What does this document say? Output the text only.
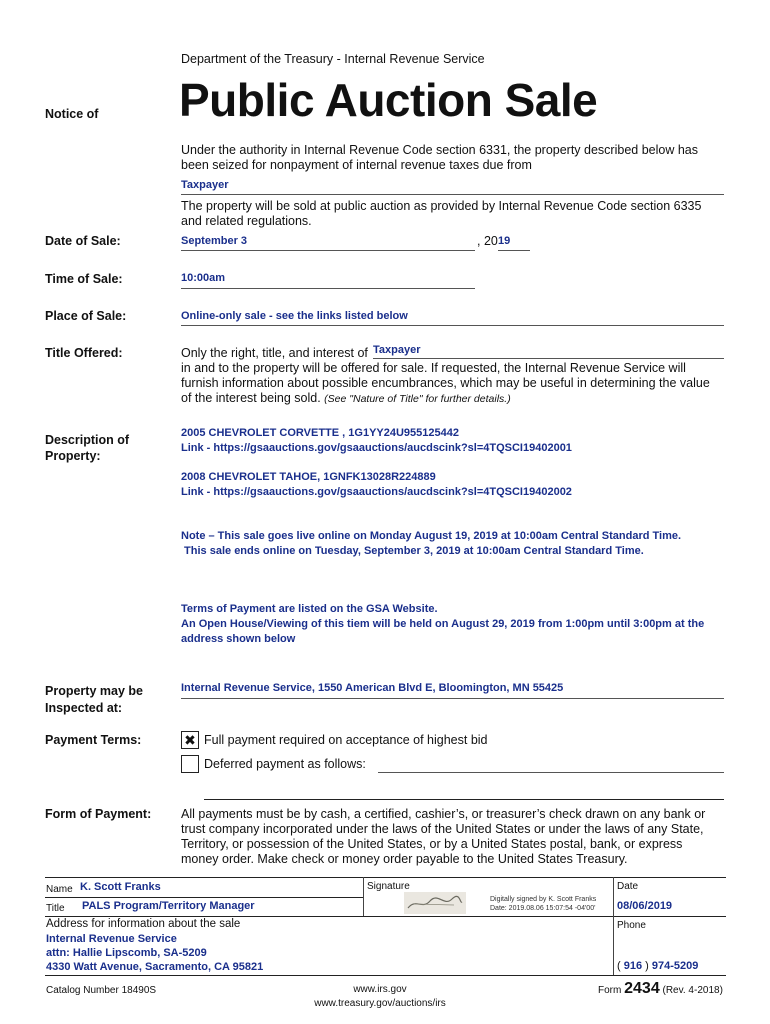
Department of the Treasury - Internal Revenue Service
Notice of Public Auction Sale
Under the authority in Internal Revenue Code section 6331, the property described below has
been seized for nonpayment of internal revenue taxes due from
Taxpayer
The property will be sold at public auction as provided by Internal Revenue Code section 6335
and related regulations.
Date of Sale:	September 3	, 20 19
Time of Sale:	10:00am
Place of Sale:	Online-only sale - see the links listed below
Title Offered:	Only the right, title, and interest of Taxpayer
in and to the property will be offered for sale. If requested, the Internal Revenue Service will
furnish information about possible encumbrances, which may be useful in determining the value
of the interest being sold. (See "Nature of Title" for further details.)
Description of
Property:
2005 CHEVROLET CORVETTE , 1G1YY24U955125442
Link - https://gsaauctions.gov/gsaauctions/aucdscink?sl=4TQSCI19402001
2008 CHEVROLET TAHOE, 1GNFK13028R224889
Link - https://gsaauctions.gov/gsaauctions/aucdscink?sl=4TQSCI19402002
Note – This sale goes live online on Monday August 19, 2019 at 10:00am Central Standard Time.
This sale ends online on Tuesday, September 3, 2019 at 10:00am Central Standard Time.
Terms of Payment are listed on the GSA Website.
An Open House/Viewing of this tiem will be held on August 29, 2019 from 1:00pm until 3:00pm at the
address shown below
Property may be
Inspected at:
Internal Revenue Service, 1550 American Blvd E, Bloomington, MN 55425
Payment Terms:	✖ Full payment required on acceptance of highest bid
Deferred payment as follows:
Form of Payment: All payments must be by cash, a certified, cashier’s, or treasurer’s check drawn on any bank or
trust company incorporated under the laws of the United States or under the laws of any State,
Territory, or possession of the United States, or by a United States postal, bank, or express
money order. Make check or money order payable to the United States Treasury.
Name K. Scott Franks
Title PALS Program/Territory Manager
Signature
Digitally signed by K. Scott Franks
Date: 2019.08.06 15:07:54 -04'00'
Date
08/06/2019
Address for information about the sale
Internal Revenue Service
attn: Hallie Lipscomb, SA-5209
4330 Watt Avenue, Sacramento, CA 95821
Phone
( 916 ) 974-5209
Catalog Number 18490S	www.irs.gov
www.treasury.gov/auctions/irs
Form 2434 (Rev. 4-2018)
